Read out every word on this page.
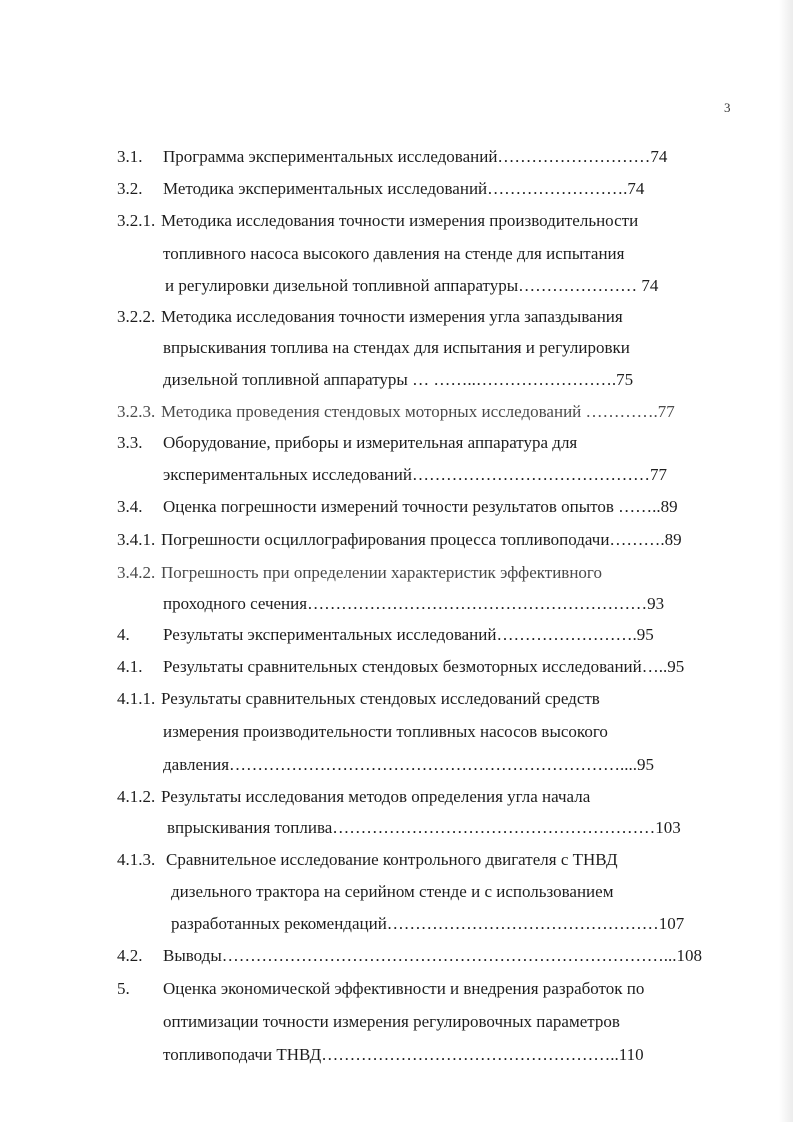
3
3.1. Программа экспериментальных исследований………………………74
3.2. Методика экспериментальных исследований…………………….74
3.2.1. Методика исследования точности измерения производительности
топливного насоса высокого давления на стенде для испытания
и регулировки дизельной топливной аппаратуры………………… 74
3.2.2. Методика исследования точности измерения угла запаздывания
впрыскивания топлива на стендах для испытания и регулировки
дизельной топливной аппаратуры … ……..…………………….75
3.2.3. Методика проведения стендовых моторных исследований ………….77
3.3. Оборудование, приборы и измерительная аппаратура для
экспериментальных исследований……………………………………77
3.4. Оценка погрешности измерений точности результатов опытов ……..89
3.4.1. Погрешности осциллографирования процесса топливоподачи……….89
3.4.2. Погрешность при определении характеристик эффективного
проходного сечения……………………………………………………93
4. Результаты экспериментальных исследований…………………….95
4.1. Результаты сравнительных стендовых безмоторных исследований…..95
4.1.1. Результаты сравнительных стендовых исследований средств
измерения производительности топливных насосов высокого
давления……………………………………………………………....95
4.1.2. Результаты исследования методов определения угла начала
впрыскивания топлива…………………………………………………103
4.1.3. Сравнительное исследование контрольного двигателя с ТНВД
дизельного трактора на серийном стенде и с использованием
разработанных рекомендаций…………………………………………107
4.2. Выводы……………………………………………………………………...108
5. Оценка экономической эффективности и внедрения разработок по
оптимизации точности измерения регулировочных параметров
топливоподачи ТНВД……………………………………………..110
